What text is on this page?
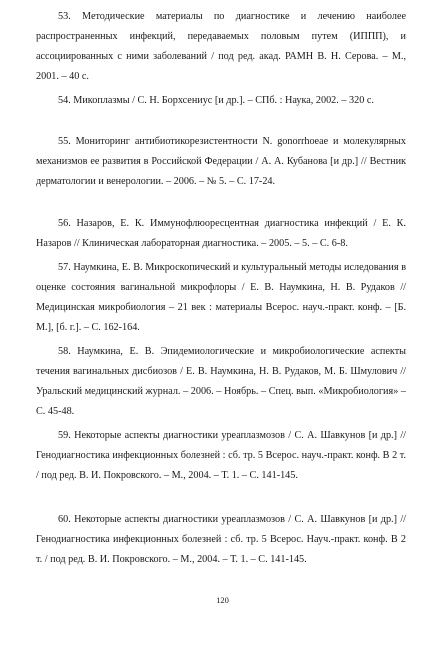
53. Методические материалы по диагностике и лечению наиболее распространенных инфекций, передаваемых половым путем (ИППП), и ассоциированных с ними заболеваний / под ред. акад. РАМН В. Н. Серова. – М., 2001. – 40 с.

54. Микоплазмы / С. Н. Борхсениус [и др.]. – СПб. : Наука, 2002. – 320 с.

55. Мониторинг антибиотикорезистентности N. gonorrhoeae и молекулярных механизмов ее развития в Российской Федерации / А. А. Кубанова [и др.] // Вестник дерматологии и венерологии. – 2006. – № 5. – С. 17-24.

56. Назаров, Е. К. Иммунофлюоресцентная диагностика инфекций / Е. К. Назаров // Клиническая лабораторная диагностика. – 2005. – 5. – С. 6-8.

57. Наумкина, Е. В. Микроскопический и культуральный методы иследования в оценке состояния вагинальной микрофлоры / Е. В. Наумкина, Н. В. Рудаков // Медицинская микробиология – 21 век : материалы Всерос. науч.-практ. конф. – [Б. М.], [б. г.]. – С. 162-164.

58. Наумкина, Е. В. Эпидемиологические и микробиологические аспекты течения вагинальных дисбиозов / Е. В. Наумкина, Н. В. Рудаков, М. Б. Шмулович // Уральский медицинский журнал. – 2006. – Ноябрь. – Спец. вып. «Микробиология» – С. 45-48.

59. Некоторые аспекты диагностики уреаплазмозов / С. А. Шавкунов [и др.] // Генодиагностика инфекционных болезней : сб. тр. 5 Всерос. науч.-практ. конф. В 2 т. / под ред. В. И. Покровского. – М., 2004. – Т. 1. – С. 141-145.

60. Некоторые аспекты диагностики уреаплазмозов / С. А. Шавкунов [и др.] // Генодиагностика инфекционных болезней : сб. тр. 5 Всерос. Науч.-практ. конф. В 2 т. / под ред. В. И. Покровского. – М., 2004. – Т. 1. – С. 141-145.

120
